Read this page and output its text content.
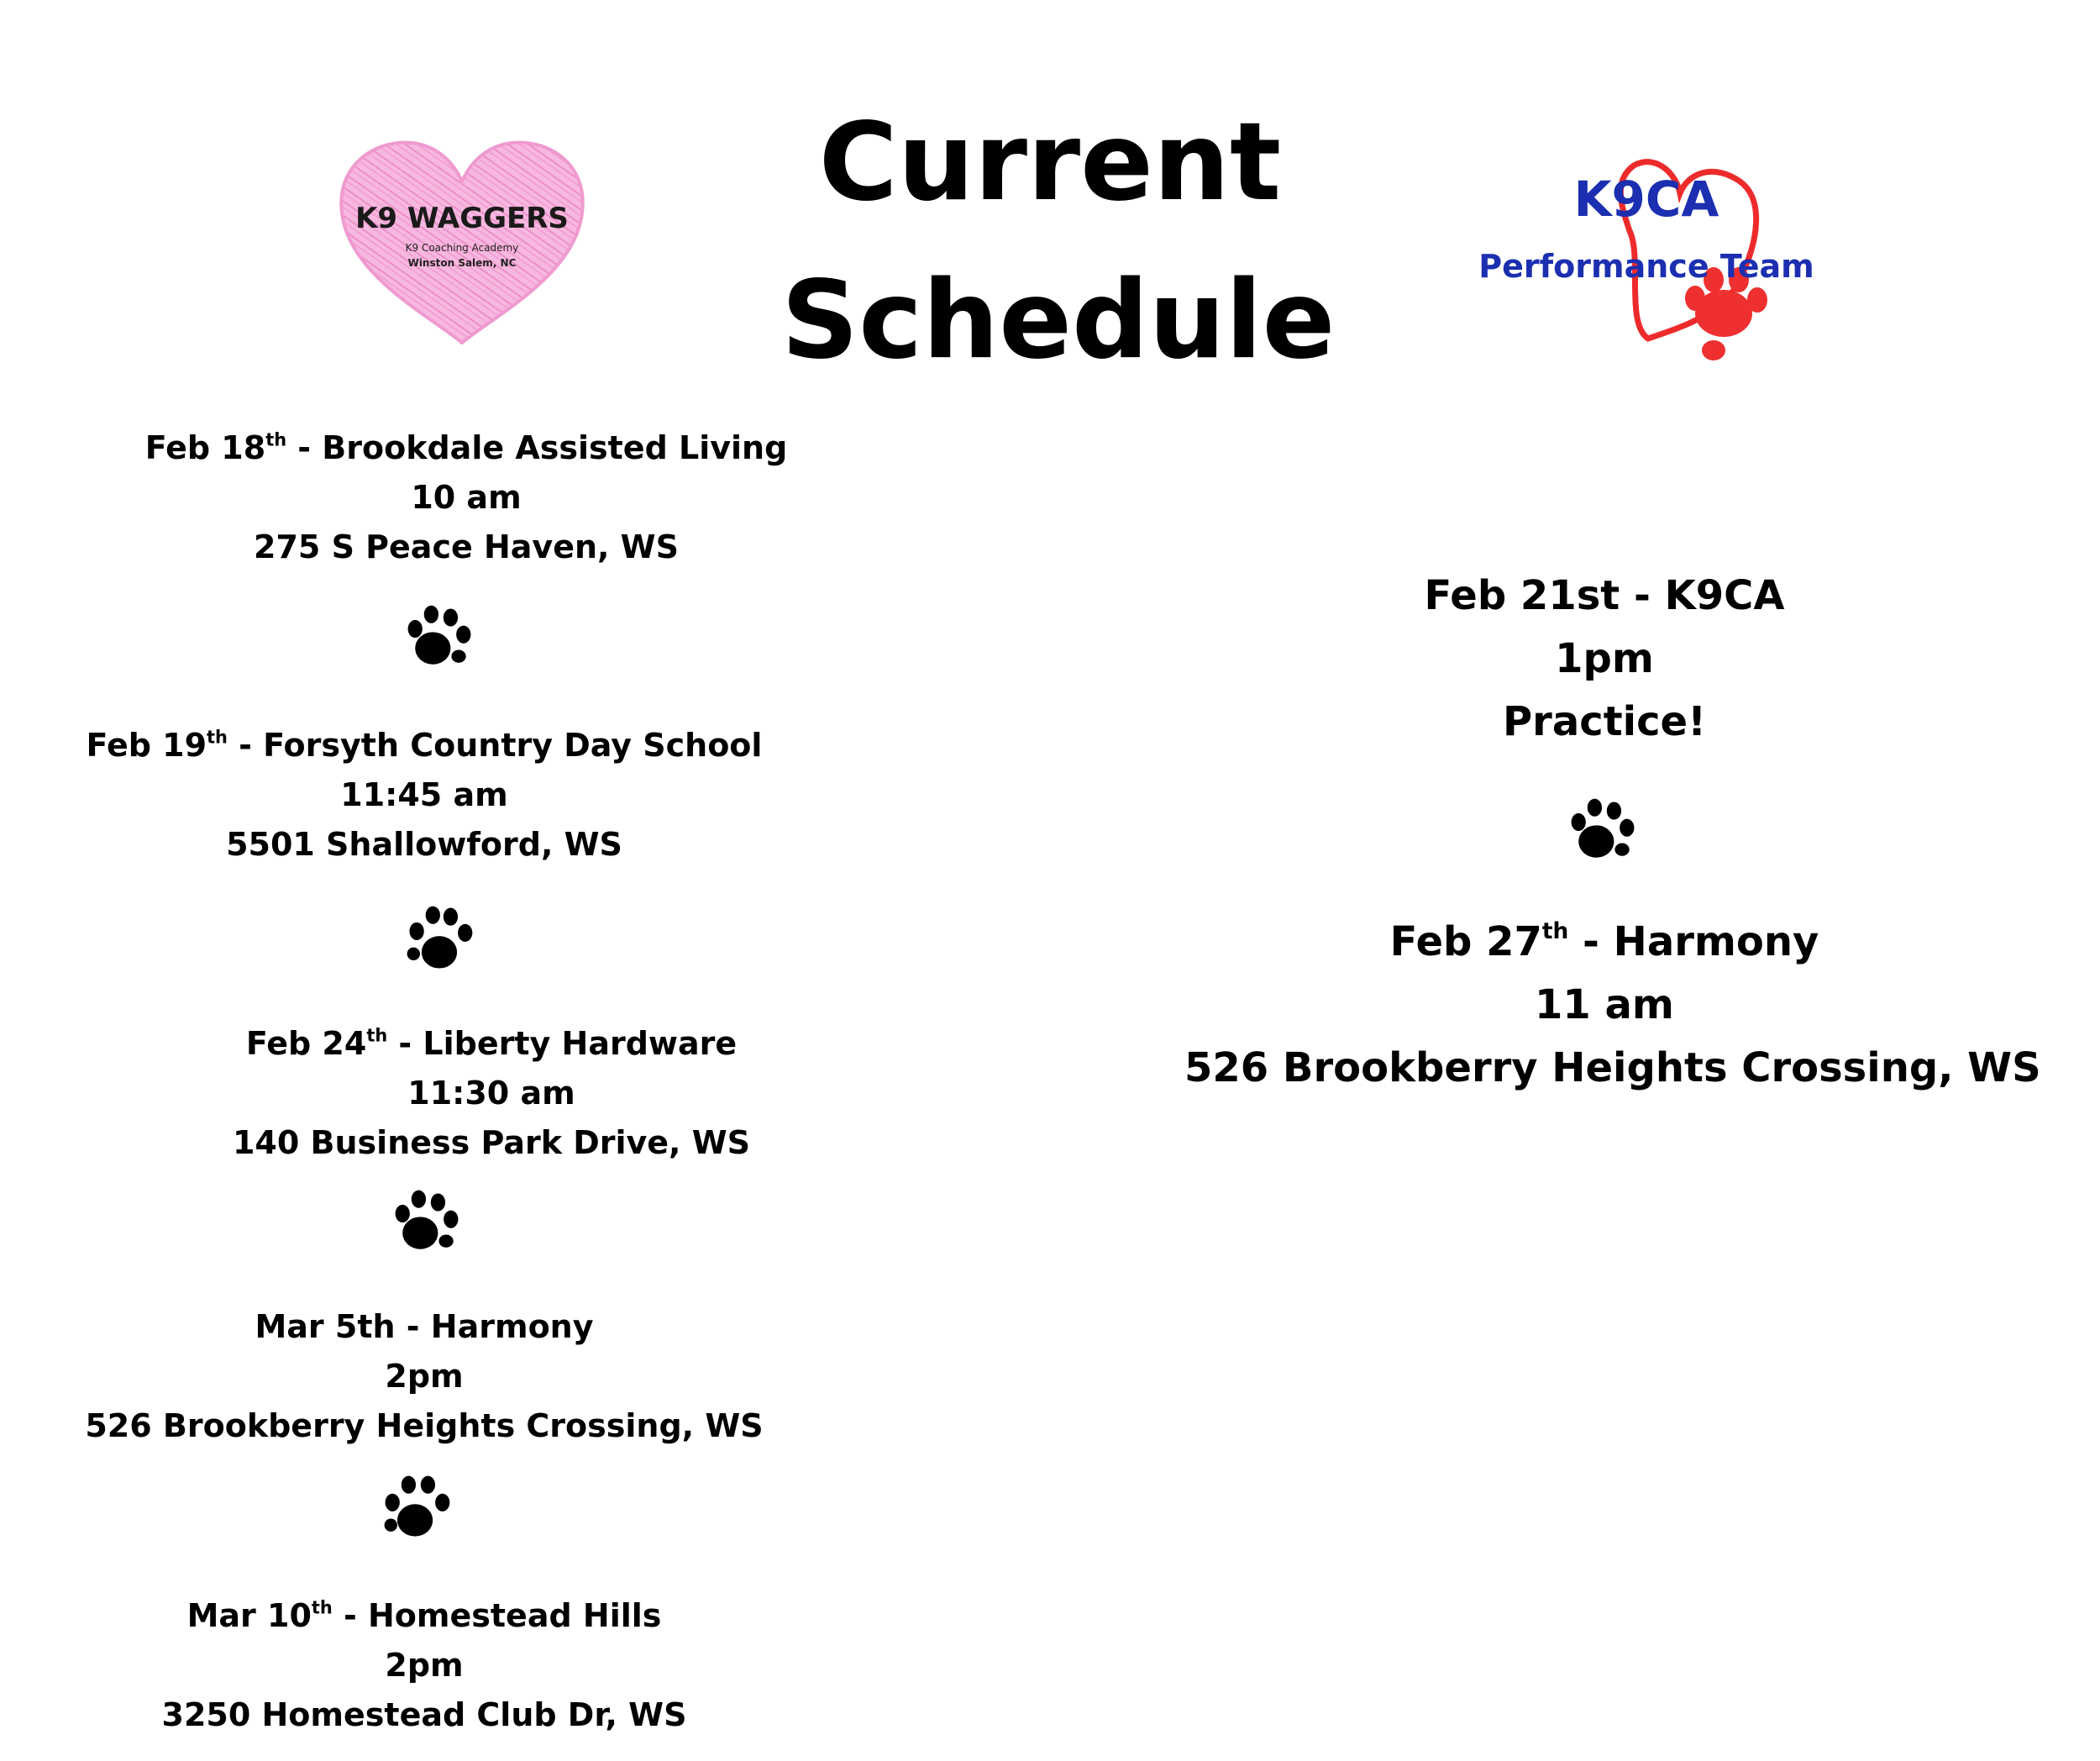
Current
Schedule
K9 WAGGERS
K9 Coaching Academy
Winston Salem, NC
K9CA
Performance Team
Feb 18th - Brookdale Assisted Living
10 am
275 S Peace Haven, WS
Feb 19th - Forsyth Country Day School
11:45 am
5501 Shallowford, WS
Feb 24th - Liberty Hardware
11:30 am
140 Business Park Drive, WS
Mar 5th - Harmony
2pm
526 Brookberry Heights Crossing, WS
Mar 10th - Homestead Hills
2pm
3250 Homestead Club Dr, WS
Feb 21st - K9CA
1pm
Practice!
Feb 27th - Harmony
11 am
526 Brookberry Heights Crossing, WS
